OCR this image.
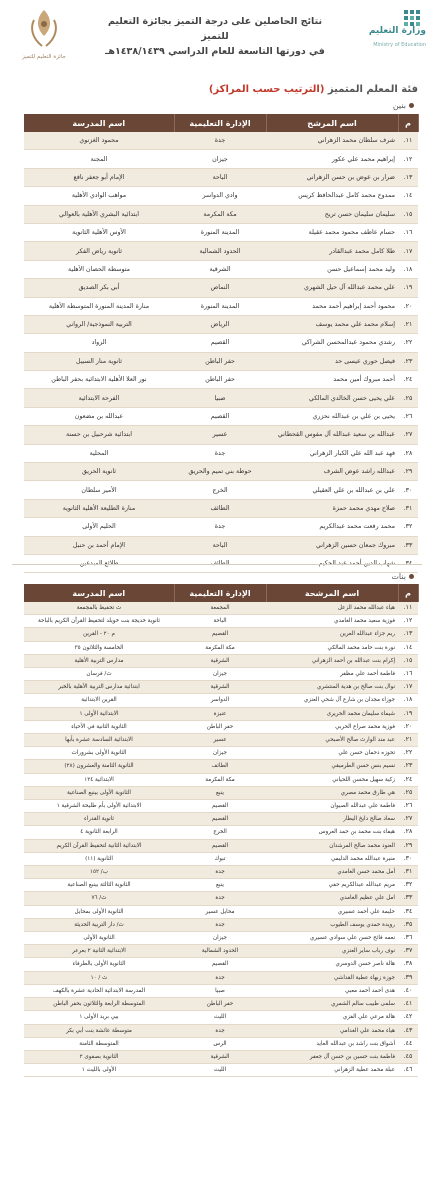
وزارة التعليم
Ministry of Education
نتائج الحاصلين على درجة التميز بجائزة التعليم للتميز
في دورتها التاسعة للعام الدراسي ١٤٣٨/١٤٣٩هـ
جائزة التعليم للتميز
فئة المعلم المتميز (الترتيب حسب المراكز)
بنين
م	اسم المرشح	الإدارة التعليمية	اسم المدرسة
١١.	شرف سلطان محمد الزهراني	جدة	محمود الغزنوي
١٢.	إبراهيم محمد علي عكور	جيزان	المجنة
١٣.	ضرار بن عوض بن حسن الزهراني	الباحة	الإمام أبو جعفر نافع
١٤.	ممدوح محمد كامل عبدالحافظ كريس	وادي الدواسر	مواهب الوادي الأهلية
١٥.	سليمان سليمان حسن تريح	مكة المكرمة	ابتدائية البشري الأهلية بالعوالي
١٦.	حسام عاطف محمود محمد عقيلة	المدينة المنورة	الأوس الأهلية الثانوية
١٧.	طلا كامل محمد عبدالقادر	الحدود الشمالية	ثانوية رياض الفكر
١٨.	وليد محمد إسماعيل حسن	الشرقية	متوسطة الحصان الأهلية
١٩.	علي محمد عبدالله آل حيل الشهري	النماص	أبي بكر الصديق
٢٠.	محمود أحمد إبراهيم أحمد محمد	المدينة المنورة	منارة المدينة المنورة المتوسطة الأهلية
٢١.	إسلام محمد علي محمد يوسف	الرياض	التربية النموذجية/ الرواني
٢٢.	رشدي محمود عبدالمحسن الشراكي	القصيم	الرواد
٢٣.	فيصل حوري عيسى حد	حفر الباطن	ثانوية منار السبيل
٢٤.	أحمد مبروك أمين محمد	حفر الباطن	نور العلا الأهلية الابتدائية بحفر الباطن
٢٥.	علي يحيى حسن الخالدي المالكي	صبيا	الفرحة الابتدائية
٢٦.	يحيى بن علي بن عبدالله نحزري	القصيم	عبدالله بن مضعون
٢٧.	عبدالله بن سعيد عبدالله آل مفوس القحطاني	عسير	ابتدائية شرحبيل بن حسنة
٢٨.	فهد عبد الله علي الكبار الزهراني	جدة	المحلية
٢٩.	عبدالله راشد عوض الشرف	حوطة بني تميم والحريق	ثانوية الحريق
٣٠.	علي بن عبدالله بن علي العقيلي	الخرج	الأمير سلطان
٣١.	صلاح مهدي محمد حمزة	الطائف	منارة الطليعة الأهلية الثانوية
٣٢.	محمد رفعت محمد عبدالكريم	جدة	الحليم الأولى
٣٣.	مبروك جمعان حسين الزهراني	الباحة	الإمام أحمد بن حنبل

بنات
م	اسم المرشحة	الإدارة التعليمية	اسم المدرسة
١١.	هياء عبدالله محمد الزعل	المجمعة	ث تحفيظ بالمجمعة
١٢.	فوزية سعيد محمد الغامدي	الباحة	ثانوية خديجة بنت خويلد لتحفيظ القرآن الكريم بالباحة
١٣.	ريم جزاء عبدالله العرين	القصيم	م ٢٠ - القرين
١٤.	نورة بنت حامد محمد المالكي	مكة المكرمة	الخامسة والثلاثون ٣٥
١٥.	إكرام بنت عبدالله بن أحمد الزهراني	الشرقية	مدارس التربية الأهلية
١٦.	فاطمة أحمد علي مظفر	جيزان	ث/ فرسان
١٧.	نوال بنت صالح بن هدية المنتشري	الشرقية	ابتدائية مدارس التربية الأهلية بالخبر
١٨.	جوزاء مجدان بن شارع آل شحي العنزي	الدواسر	القرين الابتدائية
١٩.	شيماء سليمان محمد الحريرى	عنيزة	الابتدائية الأولى ١
٢٠.	فوزية محمد صراع الحربي	حفر الباطن	الثانوية الثانية في الأحياء
٢١.	عبد مند الوارث صالح الأصبحي	عسير	الابتدائية السادسة عشرة بأبها
٢٢.	تحوزه دحمان حسن علي	جيزان	الثانوية الأولى بشرورات
٢٣.	نسيم بنس حسن الطرميقي	الطائف	الثانوية الثامنة والعشرون (٢٨)
٢٤.	زكية سهيل محسن اللحياني	مكة المكرمة	الابتدائية ١٣٤
٢٥.	هي طارق محمد مصري	ينبع	الثانوية الأولى بينبع الصناعية
٢٦.	فاطمة علي عبدالله الصيوان	القصيم	الابتدائية الأولى بأم طليحة الشرقية ١
٢٧.	سعاد صالح دايخ اليطار	القصيم	ثانوية القدراء
٢٨.	هيفاء بنت محمد بن حمد العروس	الخرج	الرابعة الثانوية ٤
٢٩.	العنود محمد صالح المرشدان	القصيم	الابتدائية الثانية لتحفيظ القرآن الكريم
٣٠.	منيرة عبدالله محمد الدليمي	تبوك	الثانوية (١١)
٣١.	أمل محمد حسن الغامدي	جدة	ب/ ١٥٢
٣٢.	مريم عبدالله عبدالكريم حفي	ينبع	الثانوية الثالثة بينبع الصناعية
٣٣.	امل علي عظيم الغامدي	جدة	ث/ ٧٦
٣٤.	حليمة علي أحمد عسيري	محايل عسير	الثانوية الأولى بمحايل
٣٥.	رويدة حمدي يوسف الطيوب	جدة	ث/ دار التربية الحديثة
٣٦.	نعمه فائح حسن علي سوادي عسيري	جيزان	الثانوية الأولى
٣٧.	نوف رباب ساير العنزي	الحدود الشمالية	الابتدائية الثانية ٢ بعرعر
٣٨.	هالة ناصر حسن الدوسري	القصيم	الثانوية الأولى بالطرفاء
٣٩.	جوزة زبهاء عطية القداشي	جدة	ث / ١٠
٤٠.	هدى أحمد أحمد معبي	صبيا	المدرسة الابتدائية الحادية عشرة بالكهف
٤١.	سلمى طبيب سالم الشمري	حفر الباطن	المتوسطة الرابعة والثلاثون بحفر الباطن
٤٢.	هالة مرعي علي الفزي	الليث	بيي بريد الأولى ١
٤٣.	هياء محمد علي الغدامي	جدة	متوسطة عائشة بنت أبي بكر
٤٤.	أشواق بنت راشد بن عبدالله العايد	الرس	المتوسطة الثامنة
٤٥.	فاطمة بنت حسين بن حسن آل جعفر	الشرقية	الثانوية بصفوى ٢
٤٦.	عبلة محمد عطية الزهراني	الليث	الأولى بالليث ١
